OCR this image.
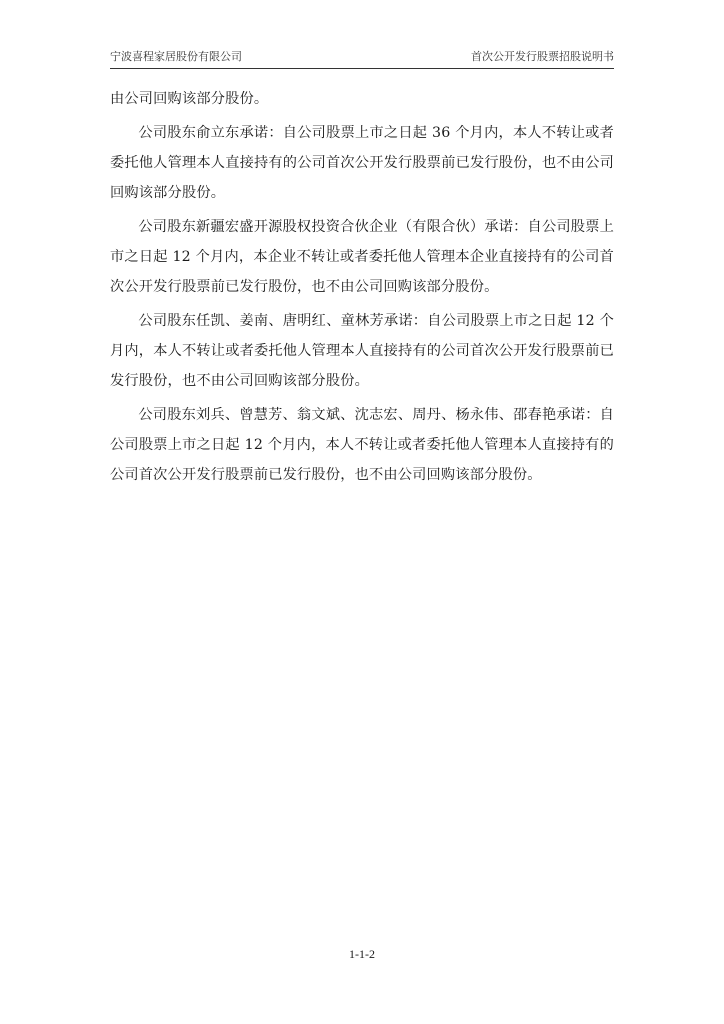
宁波喜程家居股份有限公司	首次公开发行股票招股说明书

由公司回购该部分股份。

公司股东俞立东承诺：自公司股票上市之日起 36 个月内，本人不转让或者委托他人管理本人直接持有的公司首次公开发行股票前已发行股份，也不由公司回购该部分股份。

公司股东新疆宏盛开源股权投资合伙企业（有限合伙）承诺：自公司股票上市之日起 12 个月内，本企业不转让或者委托他人管理本企业直接持有的公司首次公开发行股票前已发行股份，也不由公司回购该部分股份。

公司股东任凯、姜南、唐明红、童林芳承诺：自公司股票上市之日起 12 个月内，本人不转让或者委托他人管理本人直接持有的公司首次公开发行股票前已发行股份，也不由公司回购该部分股份。

公司股东刘兵、曾慧芳、翁文斌、沈志宏、周丹、杨永伟、邵春艳承诺：自公司股票上市之日起 12 个月内，本人不转让或者委托他人管理本人直接持有的公司首次公开发行股票前已发行股份，也不由公司回购该部分股份。

1-1-2
